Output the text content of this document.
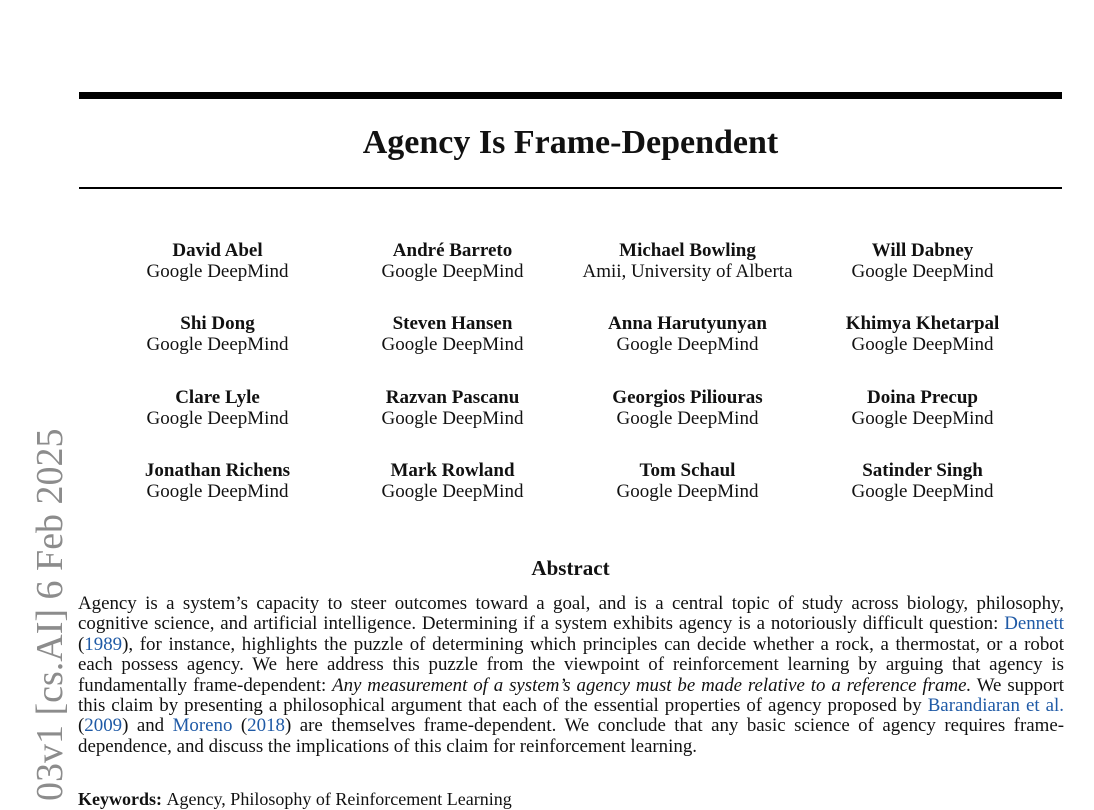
03v1 [cs.AI] 6 Feb 2025
Agency Is Frame-Dependent
David Abel
Google DeepMind
André Barreto
Google DeepMind
Michael Bowling
Amii, University of Alberta
Will Dabney
Google DeepMind
Shi Dong
Google DeepMind
Steven Hansen
Google DeepMind
Anna Harutyunyan
Google DeepMind
Khimya Khetarpal
Google DeepMind
Clare Lyle
Google DeepMind
Razvan Pascanu
Google DeepMind
Georgios Piliouras
Google DeepMind
Doina Precup
Google DeepMind
Jonathan Richens
Google DeepMind
Mark Rowland
Google DeepMind
Tom Schaul
Google DeepMind
Satinder Singh
Google DeepMind
Abstract

Agency is a system’s capacity to steer outcomes toward a goal, and is a central topic of study across biology, philosophy, cognitive science, and artificial intelligence. Determining if a system exhibits agency is a notoriously difficult question: Dennett (1989), for instance, highlights the puzzle of determining which principles can decide whether a rock, a thermostat, or a robot each possess agency. We here address this puzzle from the viewpoint of reinforcement learning by arguing that agency is fundamentally frame-dependent: Any measurement of a system’s agency must be made relative to a reference frame. We support this claim by presenting a philosophical argument that each of the essential properties of agency proposed by Barandiaran et al. (2009) and Moreno (2018) are themselves frame-dependent. We conclude that any basic science of agency requires frame-dependence, and discuss the implications of this claim for reinforcement learning.

Keywords: Agency, Philosophy of Reinforcement Learning
